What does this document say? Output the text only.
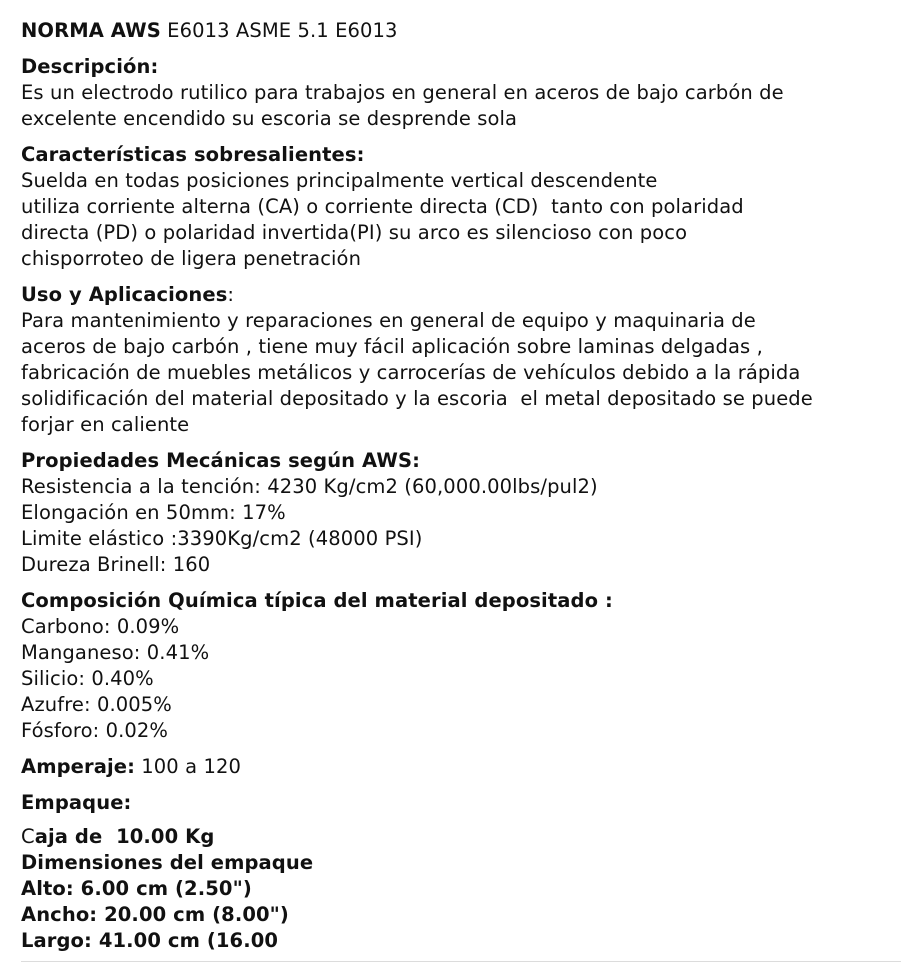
NORMA AWS E6013 ASME 5.1 E6013
Descripción:
Es un electrodo rutilico para trabajos en general en aceros de bajo carbón de
excelente encendido su escoria se desprende sola
Características sobresalientes:
Suelda en todas posiciones principalmente vertical descendente
utiliza corriente alterna (CA) o corriente directa (CD)  tanto con polaridad
directa (PD) o polaridad invertida(PI) su arco es silencioso con poco
chisporroteo de ligera penetración
Uso y Aplicaciones:
Para mantenimiento y reparaciones en general de equipo y maquinaria de
aceros de bajo carbón , tiene muy fácil aplicación sobre laminas delgadas ,
fabricación de muebles metálicos y carrocerías de vehículos debido a la rápida
solidificación del material depositado y la escoria  el metal depositado se puede
forjar en caliente
Propiedades Mecánicas según AWS:
Resistencia a la tención: 4230 Kg/cm2 (60,000.00lbs/pul2)
Elongación en 50mm: 17%
Limite elástico :3390Kg/cm2 (48000 PSI)
Dureza Brinell: 160
Composición Química típica del material depositado :
Carbono: 0.09%
Manganeso: 0.41%
Silicio: 0.40%
Azufre: 0.005%
Fósforo: 0.02%
Amperaje: 100 a 120
Empaque:
Caja de  10.00 Kg
Dimensiones del empaque
Alto: 6.00 cm (2.50")
Ancho: 20.00 cm (8.00")
Largo: 41.00 cm (16.00
